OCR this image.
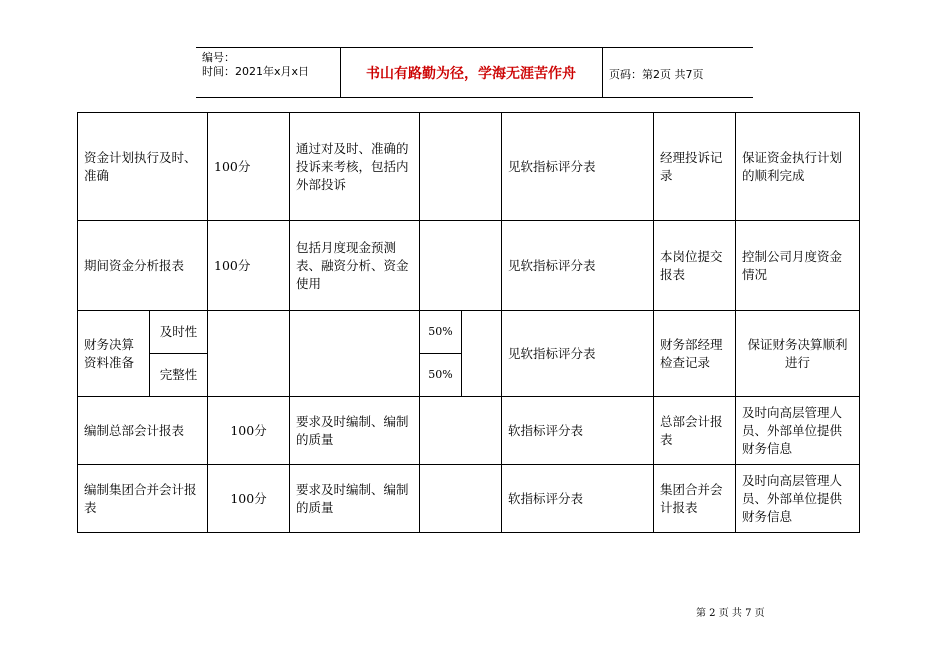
编号：
时间：2021年x月x日	书山有路勤为径，学海无涯苦作舟	页码：第2页 共7页
资金计划执行及时、准确		100分	通过对及时、准确的投诉来考核，包括内外部投诉			见软指标评分表	经理投诉记录	保证资金执行计划的顺利完成
期间资金分析报表		100分	包括月度现金预测表、融资分析、资金使用			见软指标评分表	本岗位提交报表	控制公司月度资金情况
财务决算资料准备	及时性			50%		见软指标评分表	财务部经理检查记录	保证财务决算顺利进行
	完整性			50%				
编制总部会计报表		100分	要求及时编制、编制的质量			软指标评分表	总部会计报表	及时向高层管理人员、外部单位提供财务信息
编制集团合并会计报表		100分	要求及时编制、编制的质量			软指标评分表	集团合并会计报表	及时向高层管理人员、外部单位提供财务信息
第 2 页 共 7 页
